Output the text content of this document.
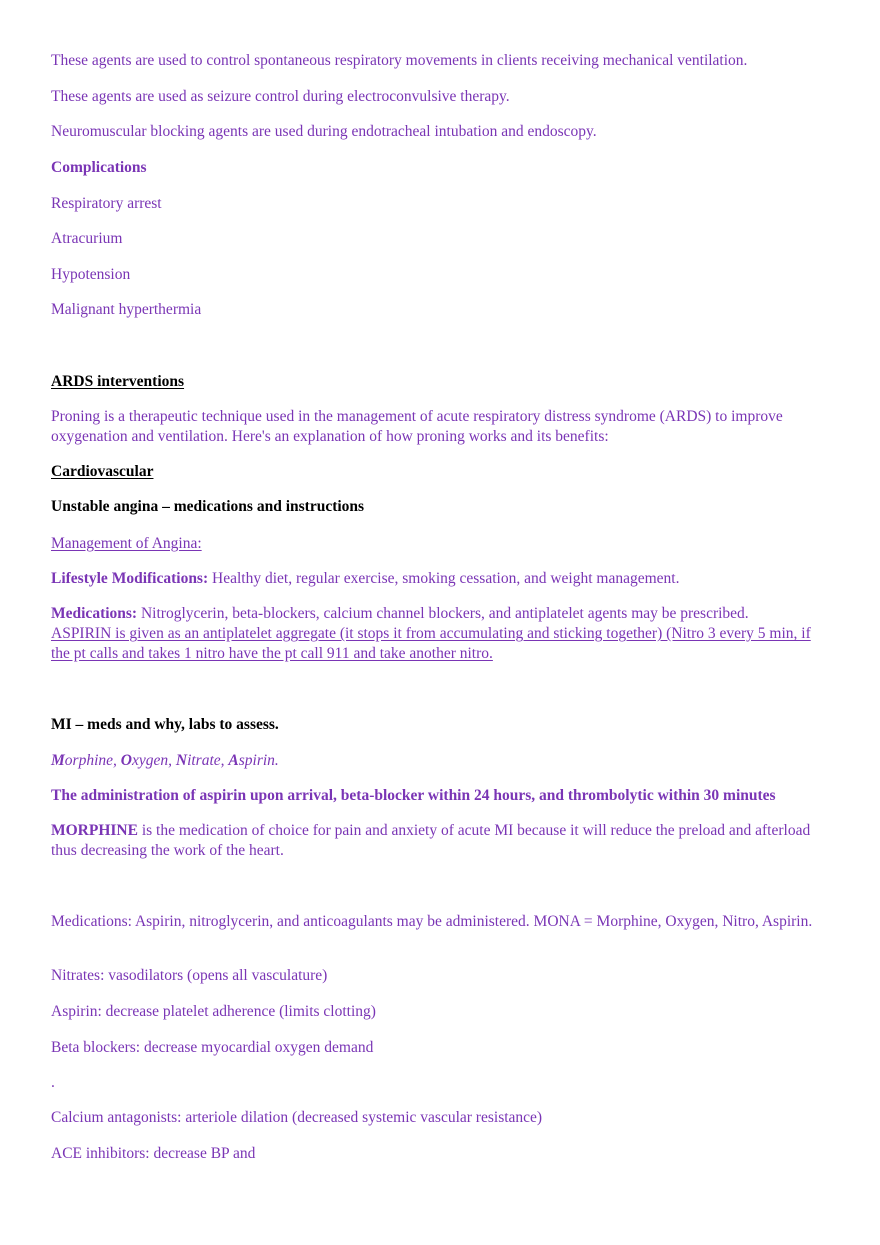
These agents are used to control spontaneous respiratory movements in clients receiving mechanical ventilation.

These agents are used as seizure control during electroconvulsive therapy.

Neuromuscular blocking agents are used during endotracheal intubation and endoscopy.

Complications

Respiratory arrest

Atracurium

Hypotension

Malignant hyperthermia

ARDS interventions

Proning is a therapeutic technique used in the management of acute respiratory distress syndrome (ARDS) to improve oxygenation and ventilation. Here's an explanation of how proning works and its benefits:

Cardiovascular

Unstable angina – medications and instructions

Management of Angina:

Lifestyle Modifications: Healthy diet, regular exercise, smoking cessation, and weight management.

Medications: Nitroglycerin, beta-blockers, calcium channel blockers, and antiplatelet agents may be prescribed.
ASPIRIN is given as an antiplatelet aggregate (it stops it from accumulating and sticking together) (Nitro 3 every 5 min, if the pt calls and takes 1 nitro have the pt call 911 and take another nitro.

MI – meds and why, labs to assess.

Morphine, Oxygen, Nitrate, Aspirin.

The administration of aspirin upon arrival, beta-blocker within 24 hours, and thrombolytic within 30 minutes

MORPHINE is the medication of choice for pain and anxiety of acute MI because it will reduce the preload and afterload thus decreasing the work of the heart.

Medications: Aspirin, nitroglycerin, and anticoagulants may be administered. MONA = Morphine, Oxygen, Nitro, Aspirin.

Nitrates: vasodilators (opens all vasculature)

Aspirin: decrease platelet adherence (limits clotting)

Beta blockers: decrease myocardial oxygen demand

.

Calcium antagonists: arteriole dilation (decreased systemic vascular resistance)

ACE inhibitors: decrease BP and
